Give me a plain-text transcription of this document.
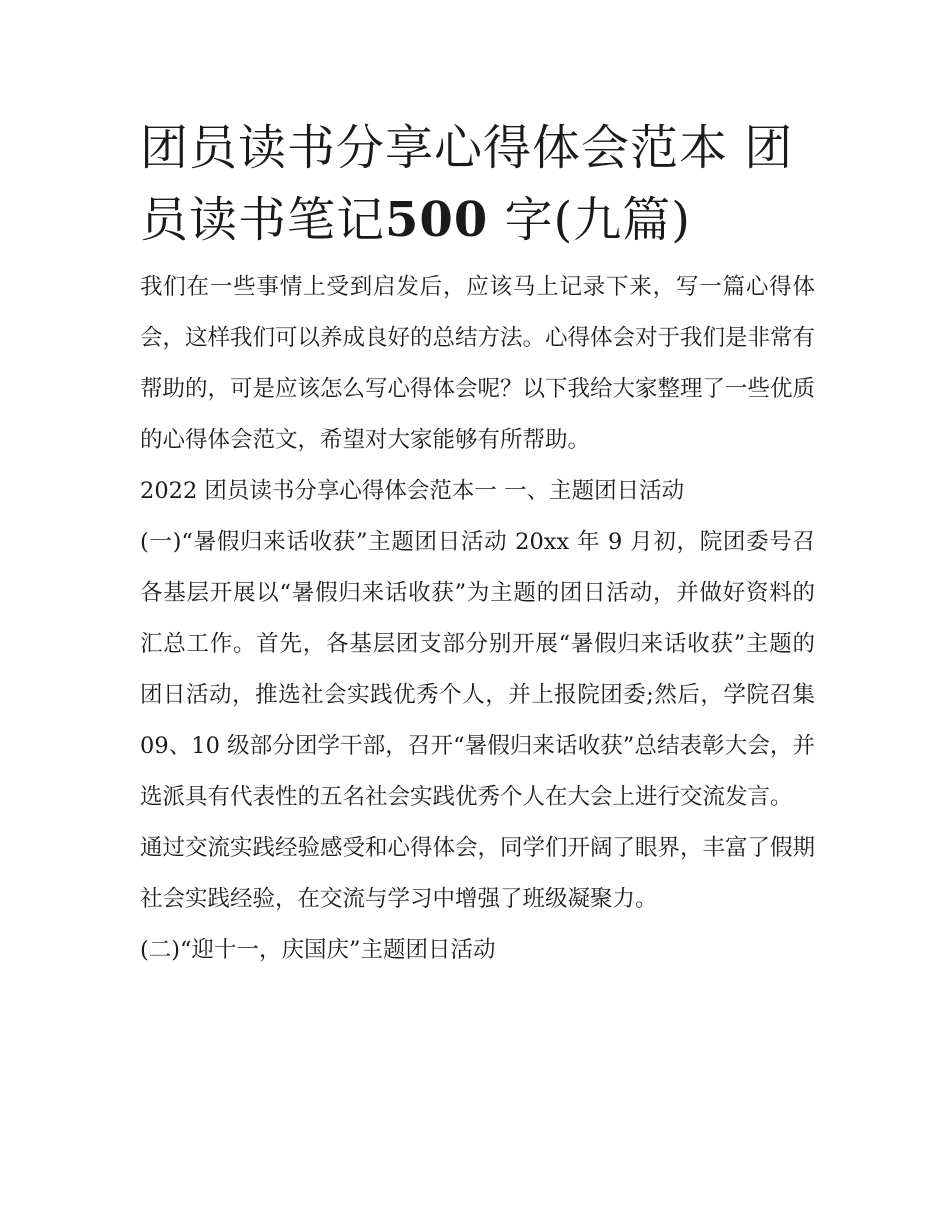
团员读书分享心得体会范本 团员读书笔记500 字(九篇)

我们在一些事情上受到启发后，应该马上记录下来，写一篇心得体会，这样我们可以养成良好的总结方法。心得体会对于我们是非常有帮助的，可是应该怎么写心得体会呢？以下我给大家整理了一些优质的心得体会范文，希望对大家能够有所帮助。

2022 团员读书分享心得体会范本一 一、主题团日活动

(一)“暑假归来话收获”主题团日活动 20xx 年 9 月初，院团委号召各基层开展以“暑假归来话收获”为主题的团日活动，并做好资料的汇总工作。首先，各基层团支部分别开展“暑假归来话收获”主题的团日活动，推选社会实践优秀个人，并上报院团委;然后，学院召集 09、10 级部分团学干部，召开“暑假归来话收获”总结表彰大会，并选派具有代表性的五名社会实践优秀个人在大会上进行交流发言。

通过交流实践经验感受和心得体会，同学们开阔了眼界，丰富了假期社会实践经验，在交流与学习中增强了班级凝聚力。

(二)“迎十一，庆国庆”主题团日活动
